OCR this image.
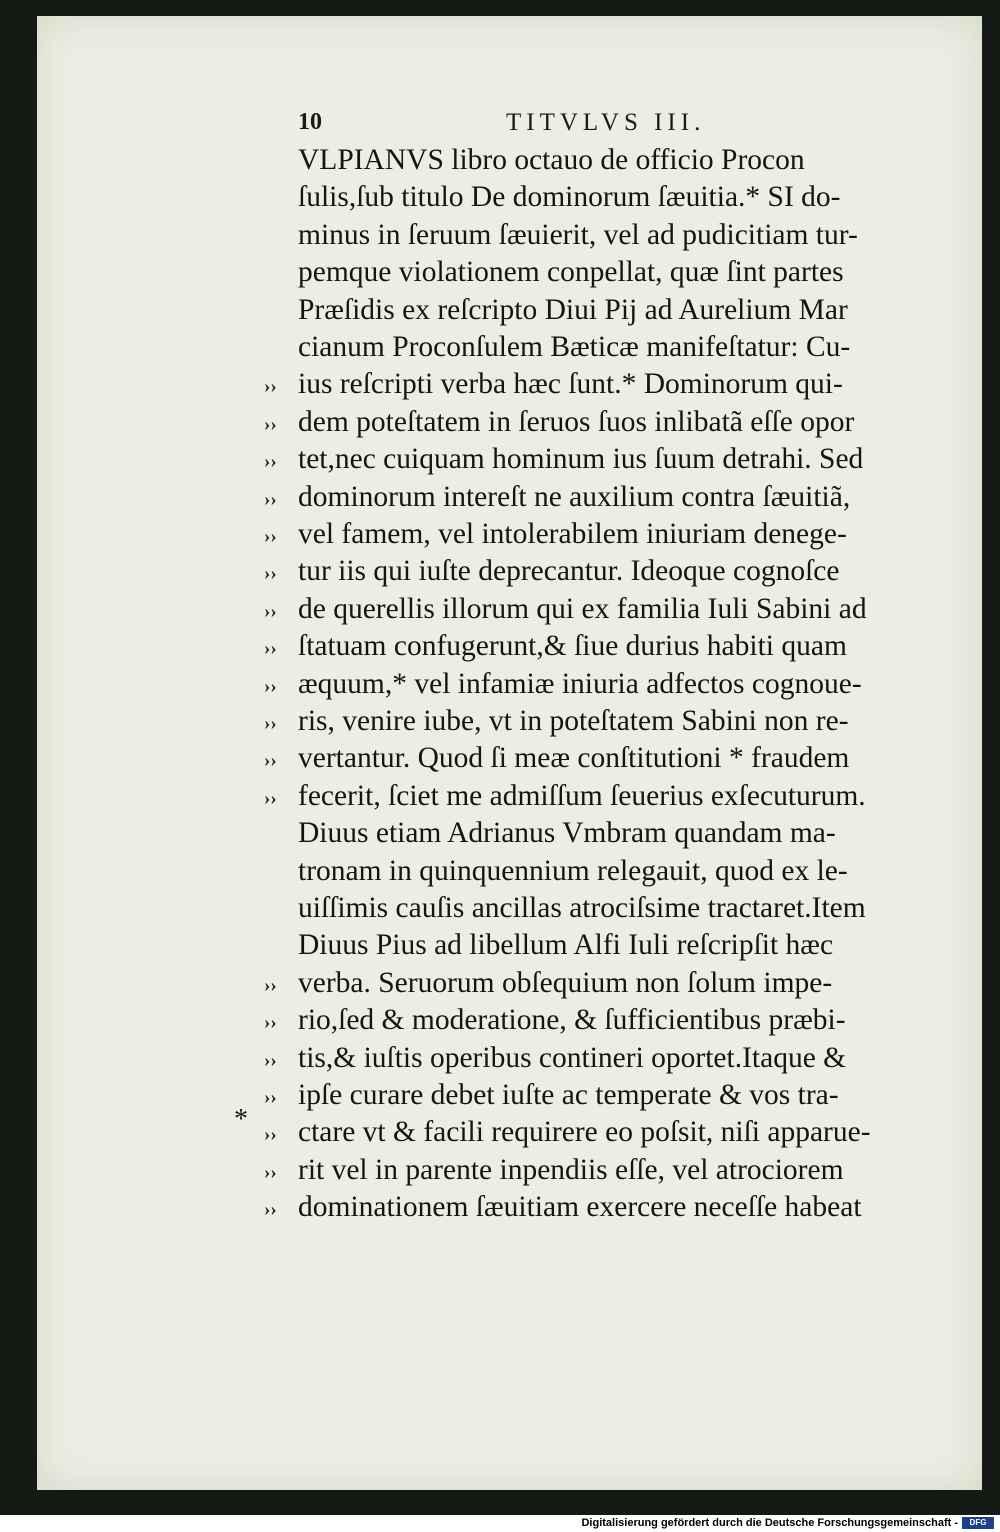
10	TITVLVS III.
VLPIANVS libro octauo de officio Procon
ſulis,ſub titulo De dominorum ſæuitia.* SI do-
minus in ſeruum ſæuierit, vel ad pudicitiam tur-
pemque violationem conpellat, quæ ſint partes
Præſidis ex reſcripto Diui Pij ad Aurelium Mar
cianum Proconſulem Bæticæ manifeſtatur: Cu-
ius reſcripti verba hæc ſunt.* Dominorum qui-
dem poteſtatem in ſeruos ſuos inlibatã eſſe opor
tet,nec cuiquam hominum ius ſuum detrahi. Sed
dominorum intereſt ne auxilium contra ſæuitiã,
vel famem, vel intolerabilem iniuriam denege-
tur iis qui iuſte deprecantur. Ideoque cognoſce
de querellis illorum qui ex familia Iuli Sabini ad
ſtatuam confugerunt,& ſiue durius habiti quam
æquum,* vel infamiæ iniuria adfectos cognoue-
ris, venire iube, vt in poteſtatem Sabini non re-
vertantur. Quod ſi meæ conſtitutioni * fraudem
fecerit, ſciet me admiſſum ſeuerius exſecuturum.
Diuus etiam Adrianus Vmbram quandam ma-
tronam in quinquennium relegauit, quod ex le-
uiſſimis cauſis ancillas atrociſsime tractaret.Item
Diuus Pius ad libellum Alfi Iuli reſcripſit hæc
verba. Seruorum obſequium non ſolum impe-
rio,ſed & moderatione, & ſufficientibus præbi-
tis,& iuſtis operibus contineri oportet.Itaque &
ipſe curare debet iuſte ac temperate & vos tra-
ctare vt & facili requirere eo poſsit, niſi apparue-
rit vel in parente inpendiis eſſe, vel atrociorem
dominationem ſæuitiam exercere neceſſe habeat
››
››
››
››
››
››
››
››
››
››
››
››
››
››
››
››
››
››
››
*
Digitalisierung gefördert durch die Deutsche Forschungsgemeinschaft -	DFG
